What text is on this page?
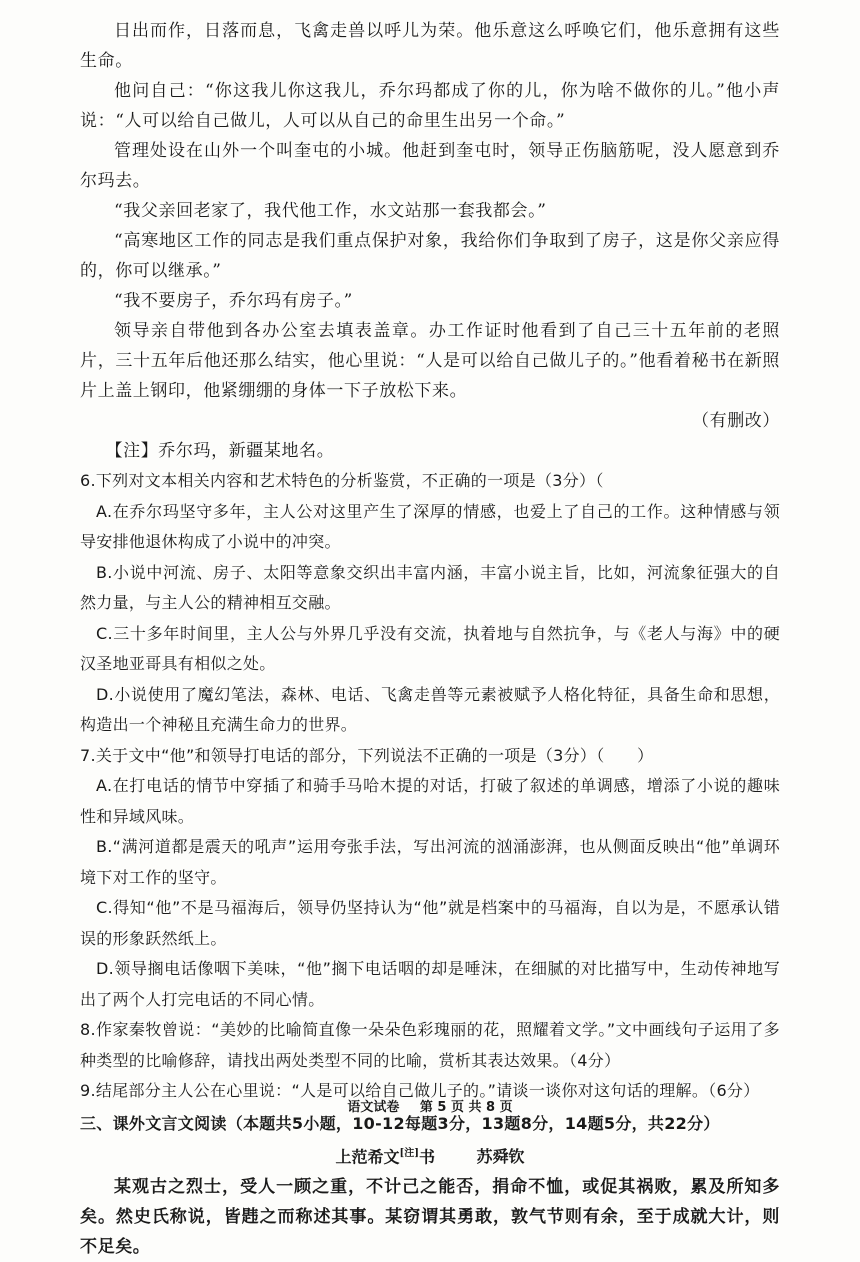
日出而作，日落而息，飞禽走兽以呼儿为荣。他乐意这么呼唤它们，他乐意拥有这些生命。

他问自己：“你这我儿你这我儿，乔尔玛都成了你的儿，你为啥不做你的儿。”他小声说：“人可以给自己做儿，人可以从自己的命里生出另一个命。”

管理处设在山外一个叫奎屯的小城。他赶到奎屯时，领导正伤脑筋呢，没人愿意到乔尔玛去。

“我父亲回老家了，我代他工作，水文站那一套我都会。”

“高寒地区工作的同志是我们重点保护对象，我给你们争取到了房子，这是你父亲应得的，你可以继承。”

“我不要房子，乔尔玛有房子。”

领导亲自带他到各办公室去填表盖章。办工作证时他看到了自己三十五年前的老照片，三十五年后他还那么结实，他心里说：“人是可以给自己做儿子的。”他看着秘书在新照片上盖上钢印，他紧绷绷的身体一下子放松下来。

（有删改）

【注】乔尔玛，新疆某地名。

6.下列对文本相关内容和艺术特色的分析鉴赏，不正确的一项是（3分）（

A.在乔尔玛坚守多年，主人公对这里产生了深厚的情感，也爱上了自己的工作。这种情感与领导安排他退休构成了小说中的冲突。

B.小说中河流、房子、太阳等意象交织出丰富内涵，丰富小说主旨，比如，河流象征强大的自然力量，与主人公的精神相互交融。

C.三十多年时间里，主人公与外界几乎没有交流，执着地与自然抗争，与《老人与海》中的硬汉圣地亚哥具有相似之处。

D.小说使用了魔幻笔法，森林、电话、飞禽走兽等元素被赋予人格化特征，具备生命和思想，构造出一个神秘且充满生命力的世界。

7.关于文中“他”和领导打电话的部分，下列说法不正确的一项是（3分）（　　）

A.在打电话的情节中穿插了和骑手马哈木提的对话，打破了叙述的单调感，增添了小说的趣味性和异域风味。

B.“满河道都是震天的吼声”运用夸张手法，写出河流的汹涌澎湃，也从侧面反映出“他”单调环境下对工作的坚守。

C.得知“他”不是马福海后，领导仍坚持认为“他”就是档案中的马福海，自以为是，不愿承认错误的形象跃然纸上。

D.领导搁电话像咽下美味，“他”搁下电话咽的却是唾沫，在细腻的对比描写中，生动传神地写出了两个人打完电话的不同心情。

8.作家秦牧曾说：“美妙的比喻简直像一朵朵色彩瑰丽的花，照耀着文学。”文中画线句子运用了多种类型的比喻修辞，请找出两处类型不同的比喻，赏析其表达效果。（4分）

9.结尾部分主人公在心里说：“人是可以给自己做儿子的。”请谈一谈你对这句话的理解。（6分）

三、课外文言文阅读（本题共5小题，10-12每题3分，13题8分，14题5分，共22分）
上范希文[注]书	苏舜钦

某观古之烈士，受人一顾之重，不计己之能否，捐命不恤，或促其祸败，累及所知多矣。然史氏称说，皆韪之而称述其事。某窃谓其勇敢，敦气节则有余，至于成就大计，则不足矣。

语文试卷 第 5 页 共 8 页
